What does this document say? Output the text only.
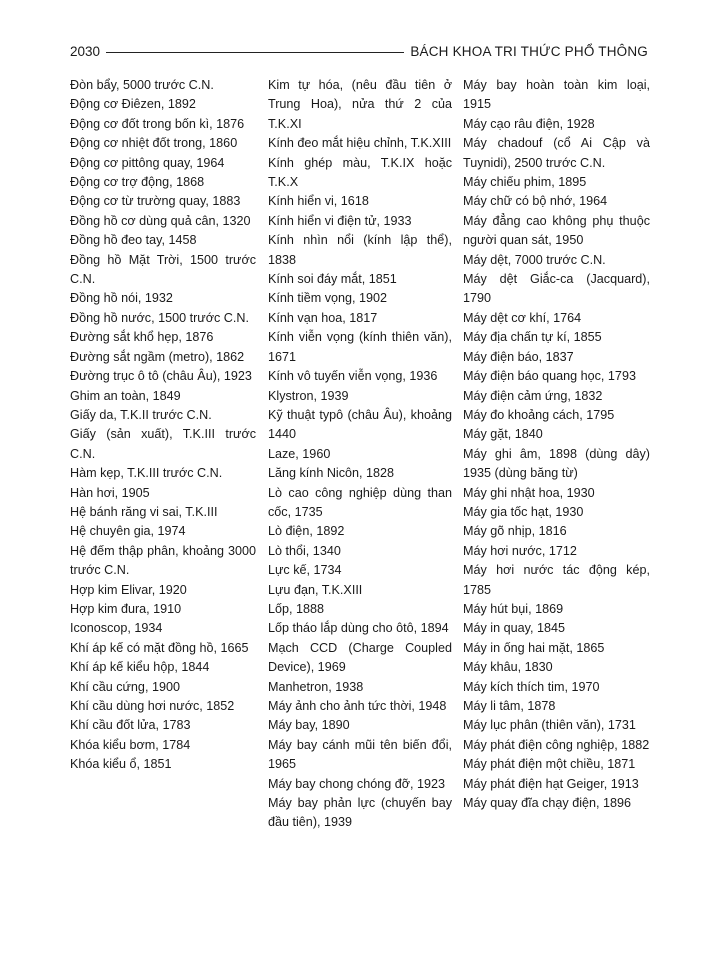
2030	BÁCH KHOA TRI THỨC PHỔ THÔNG

Đòn bẩy, 5000 trước C.N.

Động cơ Điêzen, 1892

Động cơ đốt trong bốn kì, 1876

Động cơ nhiệt đốt trong, 1860

Động cơ pittông quay, 1964

Động cơ trợ động, 1868

Động cơ từ trường quay, 1883

Đồng hồ cơ dùng quả cân, 1320

Đồng hồ đeo tay, 1458

Đồng hồ Mặt Trời, 1500 trước C.N.

Đồng hồ nói, 1932

Đồng hồ nước, 1500 trước C.N.

Đường sắt khổ hẹp, 1876

Đường sắt ngầm (metro), 1862

Đường trục ô tô (châu Âu), 1923

Ghim an toàn, 1849

Giấy da, T.K.II trước C.N.

Giấy (sản xuất), T.K.III trước C.N.

Hàm kẹp, T.K.III trước C.N.

Hàn hơi, 1905

Hệ bánh răng vi sai, T.K.III

Hệ chuyên gia, 1974

Hệ đếm thập phân, khoảng 3000 trước C.N.

Hợp kim Elivar, 1920

Hợp kim đura, 1910

Iconoscop, 1934

Khí áp kế có mặt đồng hồ, 1665

Khí áp kế kiểu hộp, 1844

Khí cầu cứng, 1900

Khí cầu dùng hơi nước, 1852

Khí cầu đốt lửa, 1783

Khóa kiểu bơm, 1784

Khóa kiểu ổ, 1851

Kim tự hóa, (nêu đầu tiên ở Trung Hoa), nửa thứ 2 của T.K.XI

Kính đeo mắt hiệu chỉnh, T.K.XIII

Kính ghép màu, T.K.IX hoặc T.K.X

Kính hiển vi, 1618

Kính hiển vi điện tử, 1933

Kính nhìn nổi (kính lập thể), 1838

Kính soi đáy mắt, 1851

Kính tiềm vọng, 1902

Kính vạn hoa, 1817

Kính viễn vọng (kính thiên văn), 1671

Kính vô tuyến viễn vọng, 1936

Klystron, 1939

Kỹ thuật typô (châu Âu), khoảng 1440

Laze, 1960

Lăng kính Nicôn, 1828

Lò cao công nghiệp dùng than cốc, 1735

Lò điện, 1892

Lò thổi, 1340

Lực kế, 1734

Lựu đạn, T.K.XIII

Lốp, 1888

Lốp tháo lắp dùng cho ôtô, 1894

Mạch CCD (Charge Coupled Device), 1969

Manhetron, 1938

Máy ảnh cho ảnh tức thời, 1948

Máy bay, 1890

Máy bay cánh mũi tên biến đổi, 1965

Máy bay chong chóng đỡ, 1923

Máy bay phản lực (chuyến bay đầu tiên), 1939

Máy bay hoàn toàn kim loại, 1915

Máy cạo râu điện, 1928

Máy chadouf (cổ Ai Cập và Tuynidi), 2500 trước C.N.

Máy chiếu phim, 1895

Máy chữ có bộ nhớ, 1964

Máy đẳng cao không phụ thuộc người quan sát, 1950

Máy dệt, 7000 trước C.N.

Máy dệt Giắc-ca (Jacquard), 1790

Máy dệt cơ khí, 1764

Máy địa chấn tự kí, 1855

Máy điện báo, 1837

Máy điện báo quang học, 1793

Máy điện cảm ứng, 1832

Máy đo khoảng cách, 1795

Máy gặt, 1840

Máy ghi âm, 1898 (dùng dây) 1935 (dùng băng từ)

Máy ghi nhật hoa, 1930

Máy gia tốc hạt, 1930

Máy gõ nhịp, 1816

Máy hơi nước, 1712

Máy hơi nước tác động kép, 1785

Máy hút bụi, 1869

Máy in quay, 1845

Máy in ống hai mặt, 1865

Máy khâu, 1830

Máy kích thích tim, 1970

Máy li tâm, 1878

Máy lục phân (thiên văn), 1731

Máy phát điện công nghiệp, 1882

Máy phát điện một chiều, 1871

Máy phát điện hạt Geiger, 1913

Máy quay đĩa chạy điện, 1896
